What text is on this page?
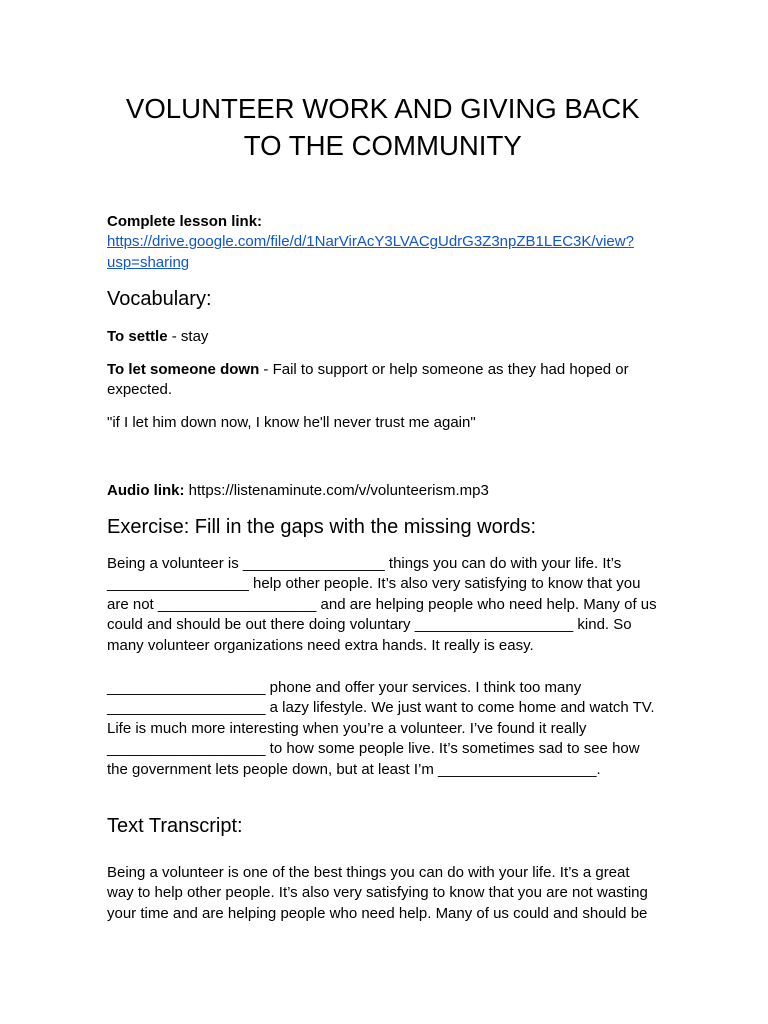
VOLUNTEER WORK AND GIVING BACK TO THE COMMUNITY
Complete lesson link:
https://drive.google.com/file/d/1NarVirAcY3LVACgUdrG3Z3npZB1LEC3K/view?usp=sharing
Vocabulary:
To settle - stay
To let someone down - Fail to support or help someone as they had hoped or expected.
"if I let him down now, I know he'll never trust me again"
Audio link: https://listenaminute.com/v/volunteerism.mp3
Exercise: Fill in the gaps with the missing words:
Being a volunteer is _________________ things you can do with your life. It’s
_________________ help other people. It’s also very satisfying to know that you
are not ___________________ and are helping people who need help. Many of us
could and should be out there doing voluntary ___________________ kind. So
many volunteer organizations need extra hands. It really is easy.
___________________ phone and offer your services. I think too many
___________________ a lazy lifestyle. We just want to come home and watch TV.
Life is much more interesting when you’re a volunteer. I’ve found it really
___________________ to how some people live. It’s sometimes sad to see how
the government lets people down, but at least I’m ___________________.
Text Transcript:
Being a volunteer is one of the best things you can do with your life. It’s a great
way to help other people. It’s also very satisfying to know that you are not wasting
your time and are helping people who need help. Many of us could and should be
